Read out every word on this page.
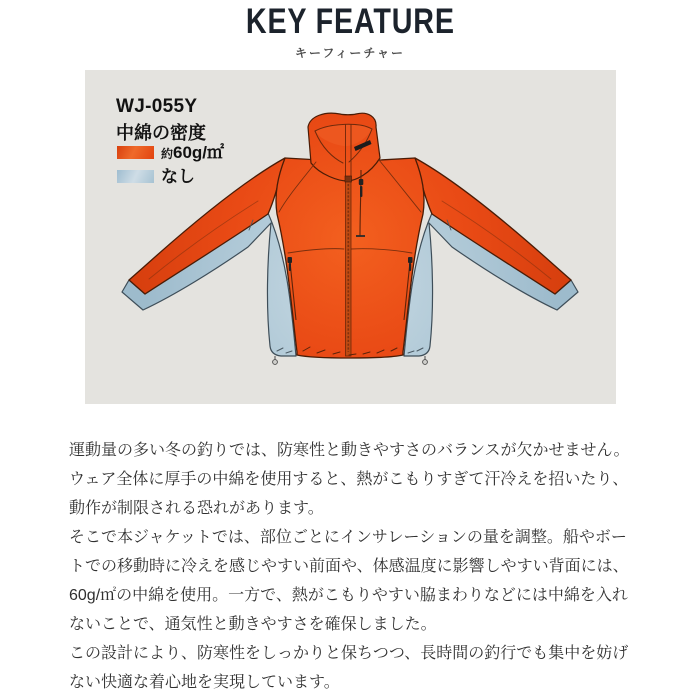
KEY FEATURE
キーフィーチャー
WJ-055Y
中綿の密度
約60g/㎡
なし

運動量の多い冬の釣りでは、防寒性と動きやすさのバランスが欠かせません。ウェア全体に厚手の中綿を使用すると、熱がこもりすぎて汗冷えを招いたり、動作が制限される恐れがあります。

そこで本ジャケットでは、部位ごとにインサレーションの量を調整。船やボートでの移動時に冷えを感じやすい前面や、体感温度に影響しやすい背面には、60g/㎡の中綿を使用。一方で、熱がこもりやすい脇まわりなどには中綿を入れないことで、通気性と動きやすさを確保しました。

この設計により、防寒性をしっかりと保ちつつ、長時間の釣行でも集中を妨げない快適な着心地を実現しています。
